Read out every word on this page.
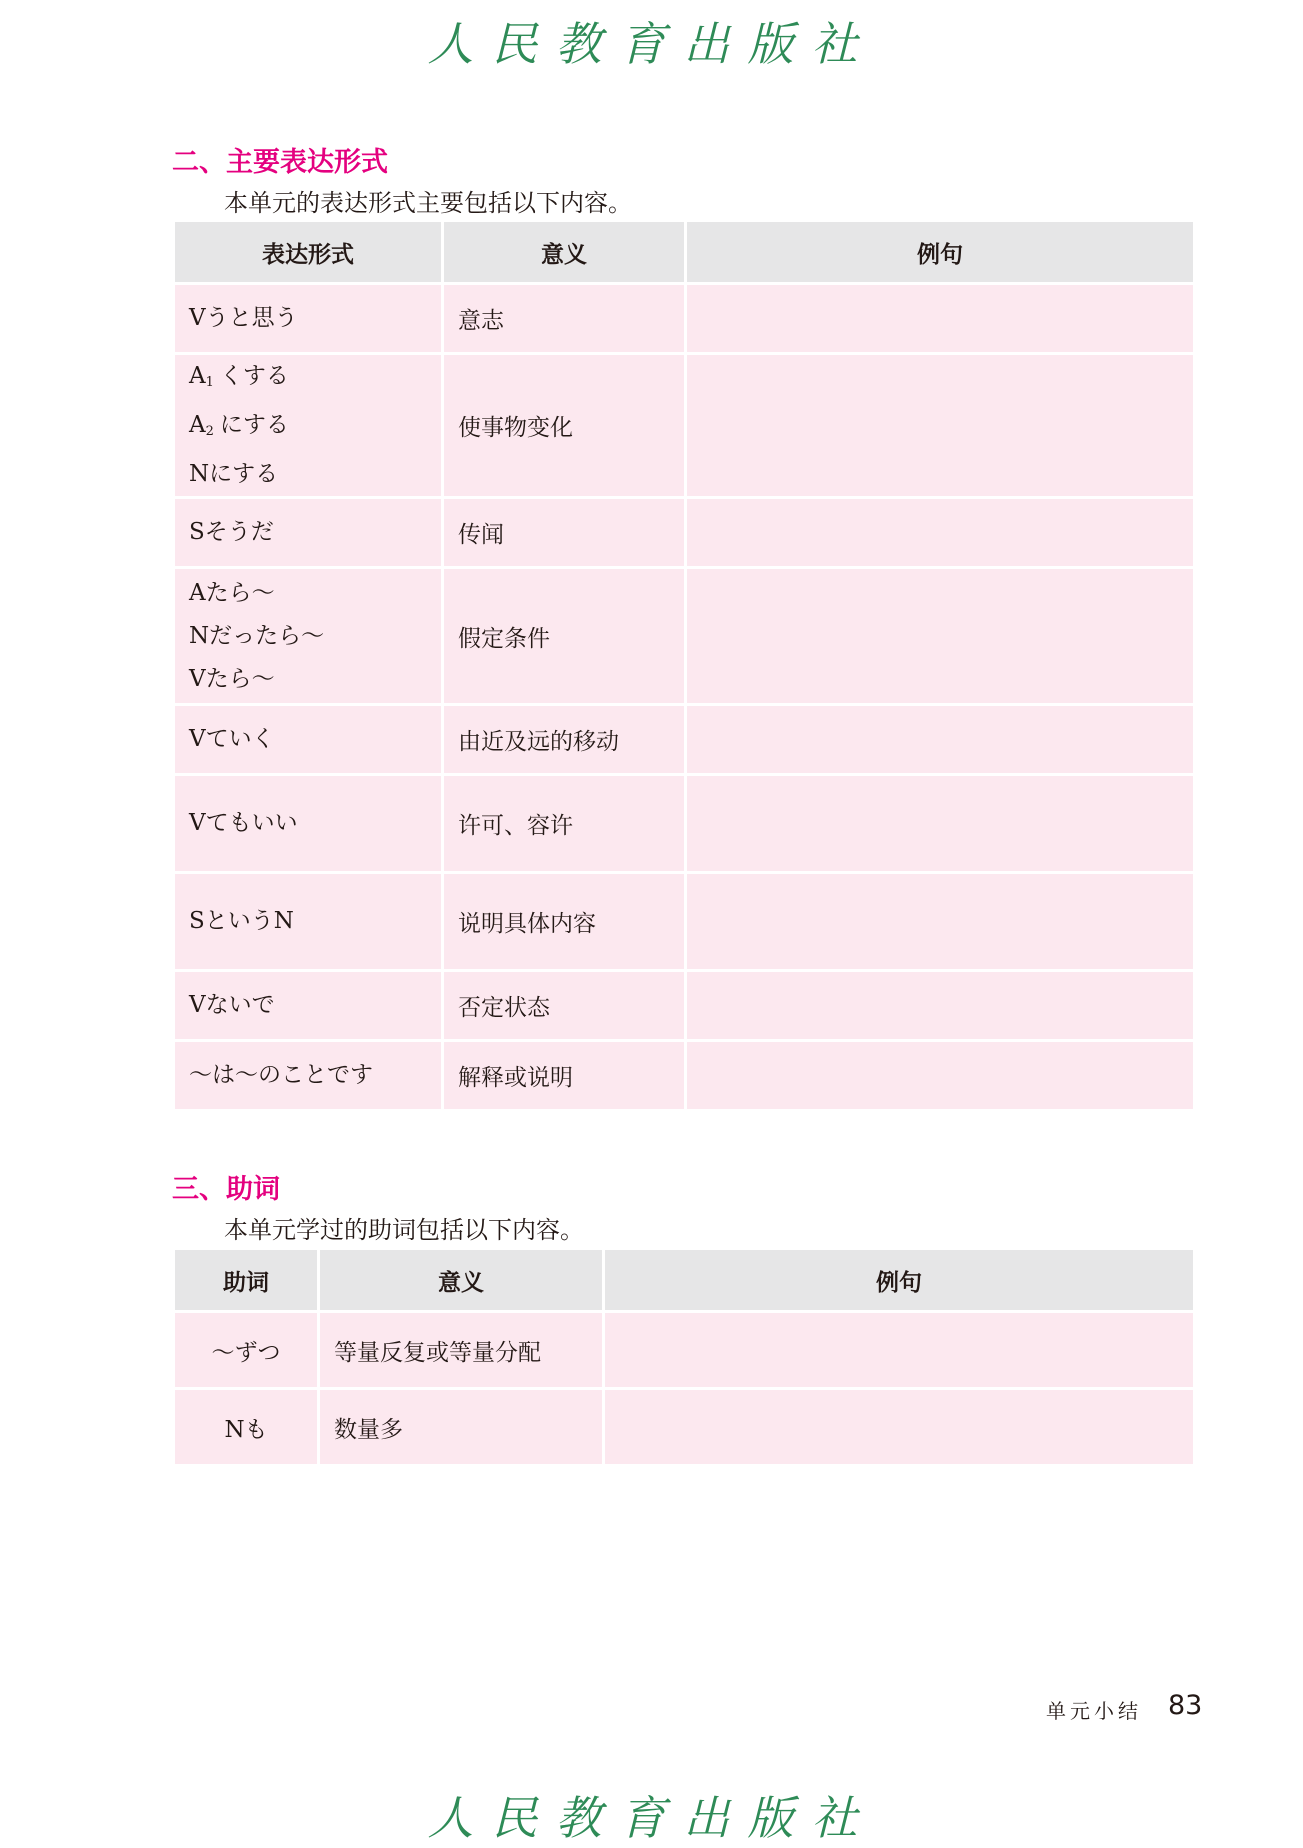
人民教育出版社
二、主要表达形式
本单元的表达形式主要包括以下内容。
表达形式	意义	例句

Vうと思う	意志	

$A_1$ くする
$A_2$ にする
Nにする	使事物变化	

Sそうだ	传闻	

Aたら～
Nだったら～
Vたら～	假定条件	

Vていく	由近及远的移动	

Vてもいい	许可、容许	

SというN	说明具体内容	

Vないで	否定状态	

～は～のことです	解释或说明	
三、助词
本单元学过的助词包括以下内容。
助词	意义	例句
～ずつ	等量反复或等量分配	
Nも	数量多	
单元小结 83
人民教育出版社
